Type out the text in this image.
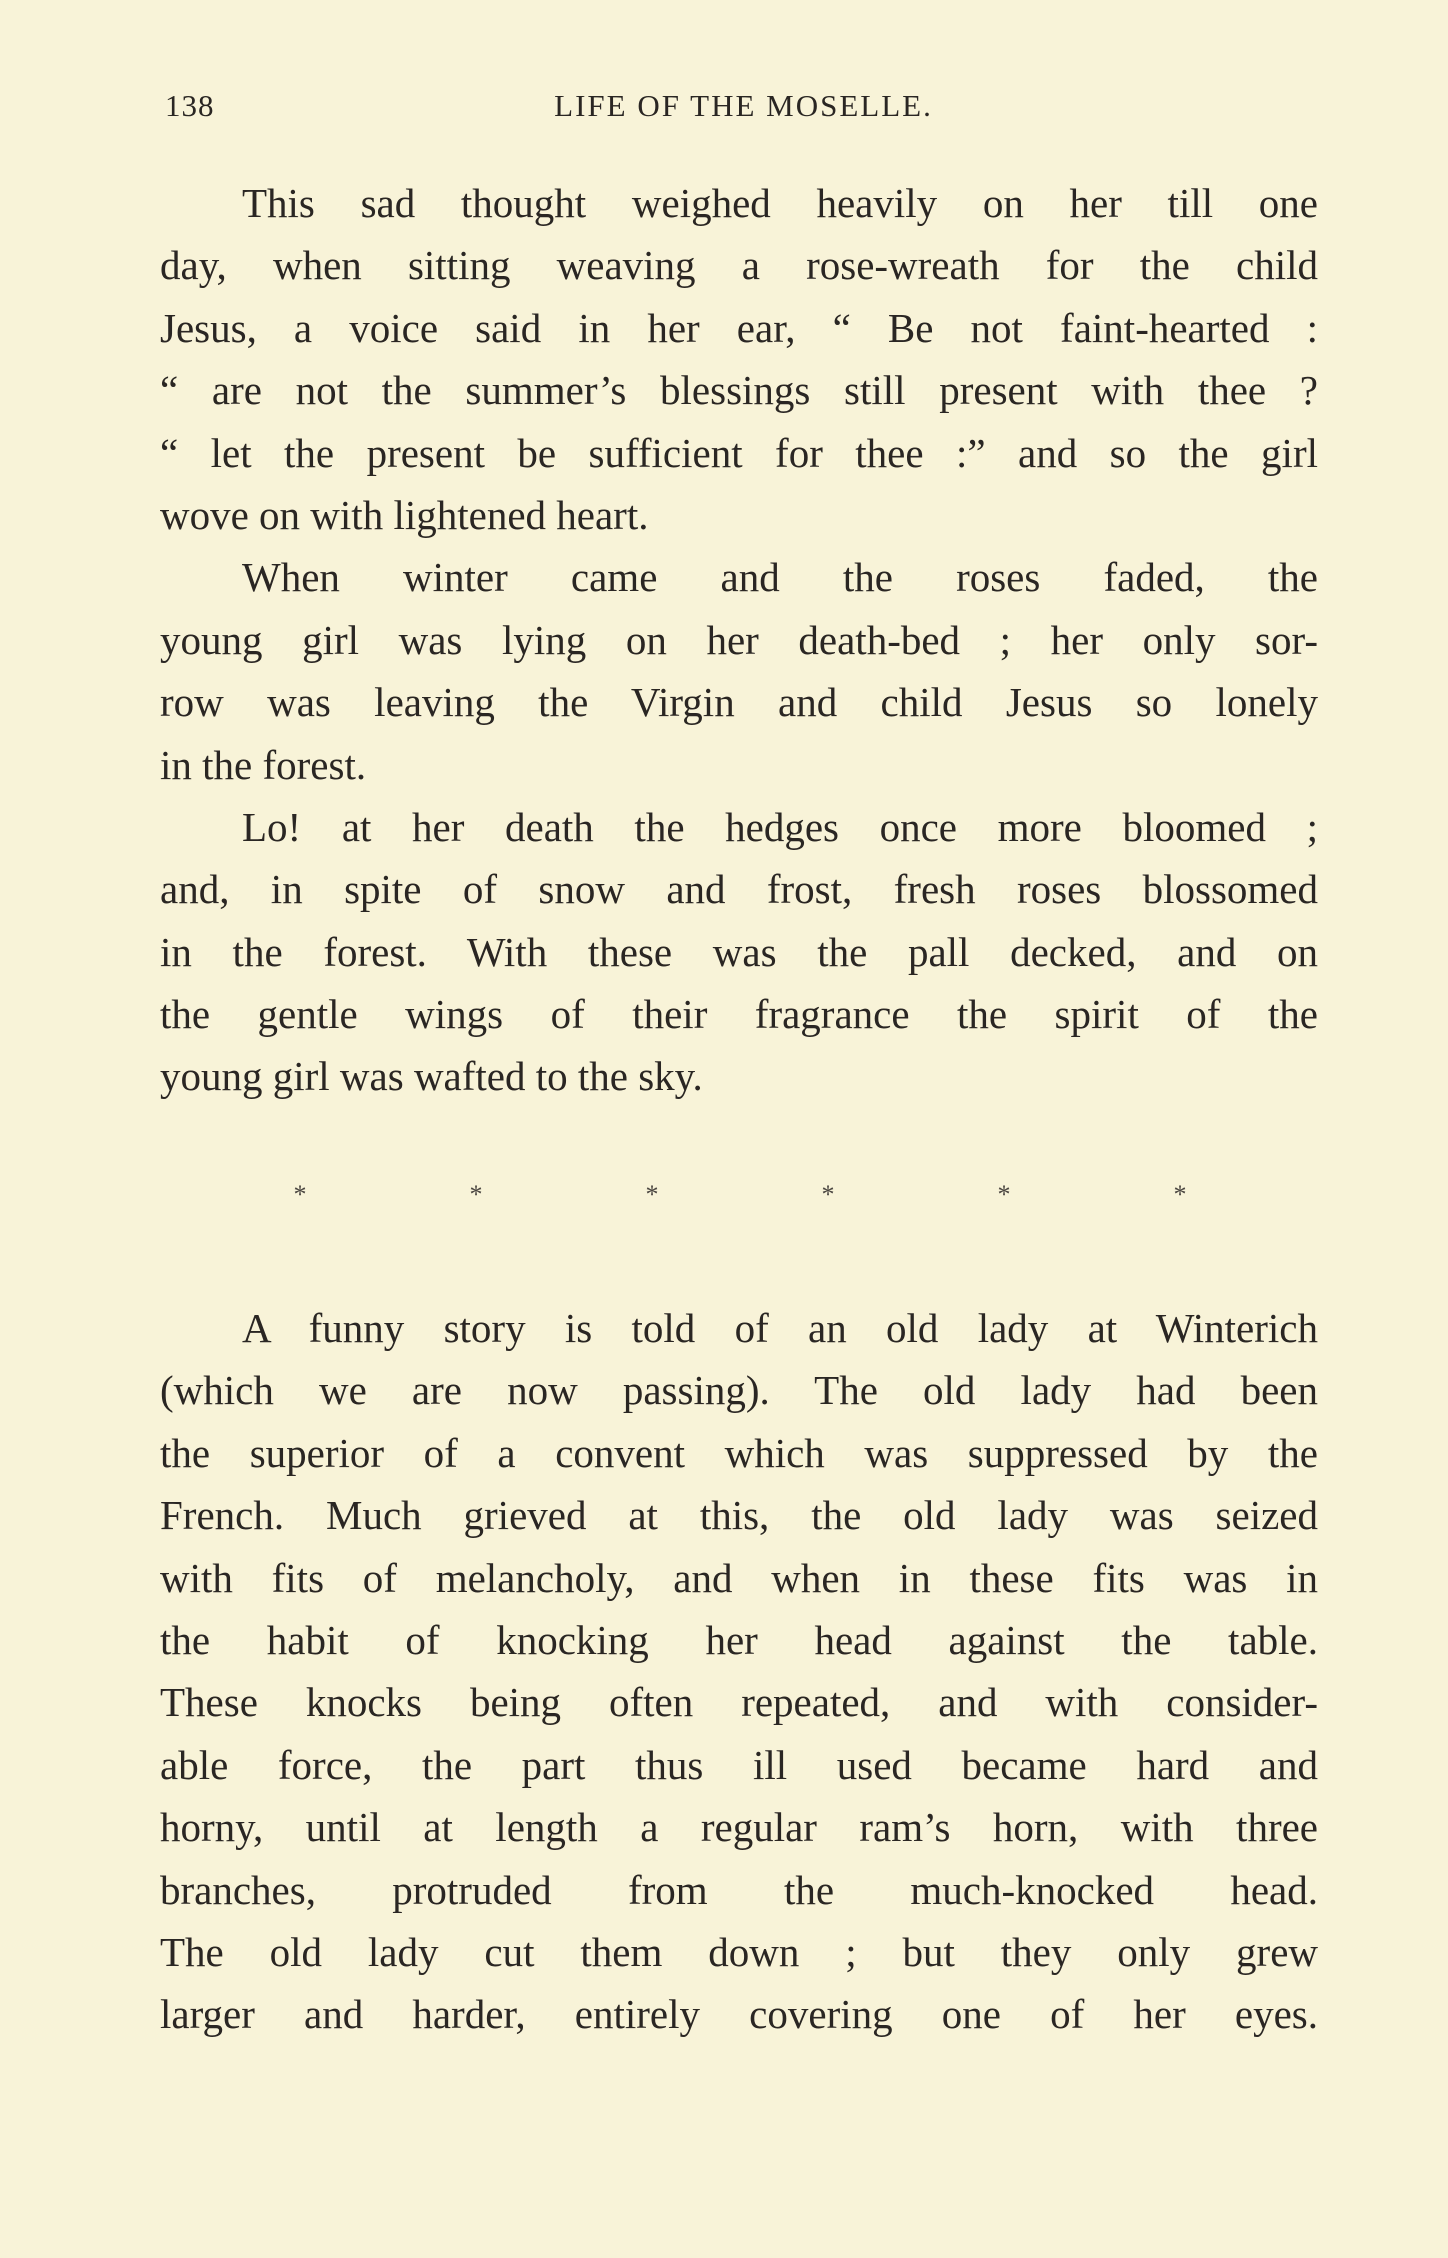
138	LIFE OF THE MOSELLE.
This sad thought weighed heavily on her till one
day, when sitting weaving a rose-wreath for the child
Jesus, a voice said in her ear, “ Be not faint-hearted :
“ are not the summer’s blessings still present with thee ?
“ let the present be sufficient for thee :” and so the girl
wove on with lightened heart.
When winter came and the roses faded, the
young girl was lying on her death-bed ; her only sor-
row was leaving the Virgin and child Jesus so lonely
in the forest.
Lo! at her death the hedges once more bloomed ;
and, in spite of snow and frost, fresh roses blossomed
in the forest. With these was the pall decked, and on
the gentle wings of their fragrance the spirit of the
young girl was wafted to the sky.
*	*	*	*	*	*
A funny story is told of an old lady at Winterich
(which we are now passing). The old lady had been
the superior of a convent which was suppressed by the
French. Much grieved at this, the old lady was seized
with fits of melancholy, and when in these fits was in
the habit of knocking her head against the table.
These knocks being often repeated, and with consider-
able force, the part thus ill used became hard and
horny, until at length a regular ram’s horn, with three
branches, protruded from the much-knocked head.
The old lady cut them down ; but they only grew
larger and harder, entirely covering one of her eyes.
